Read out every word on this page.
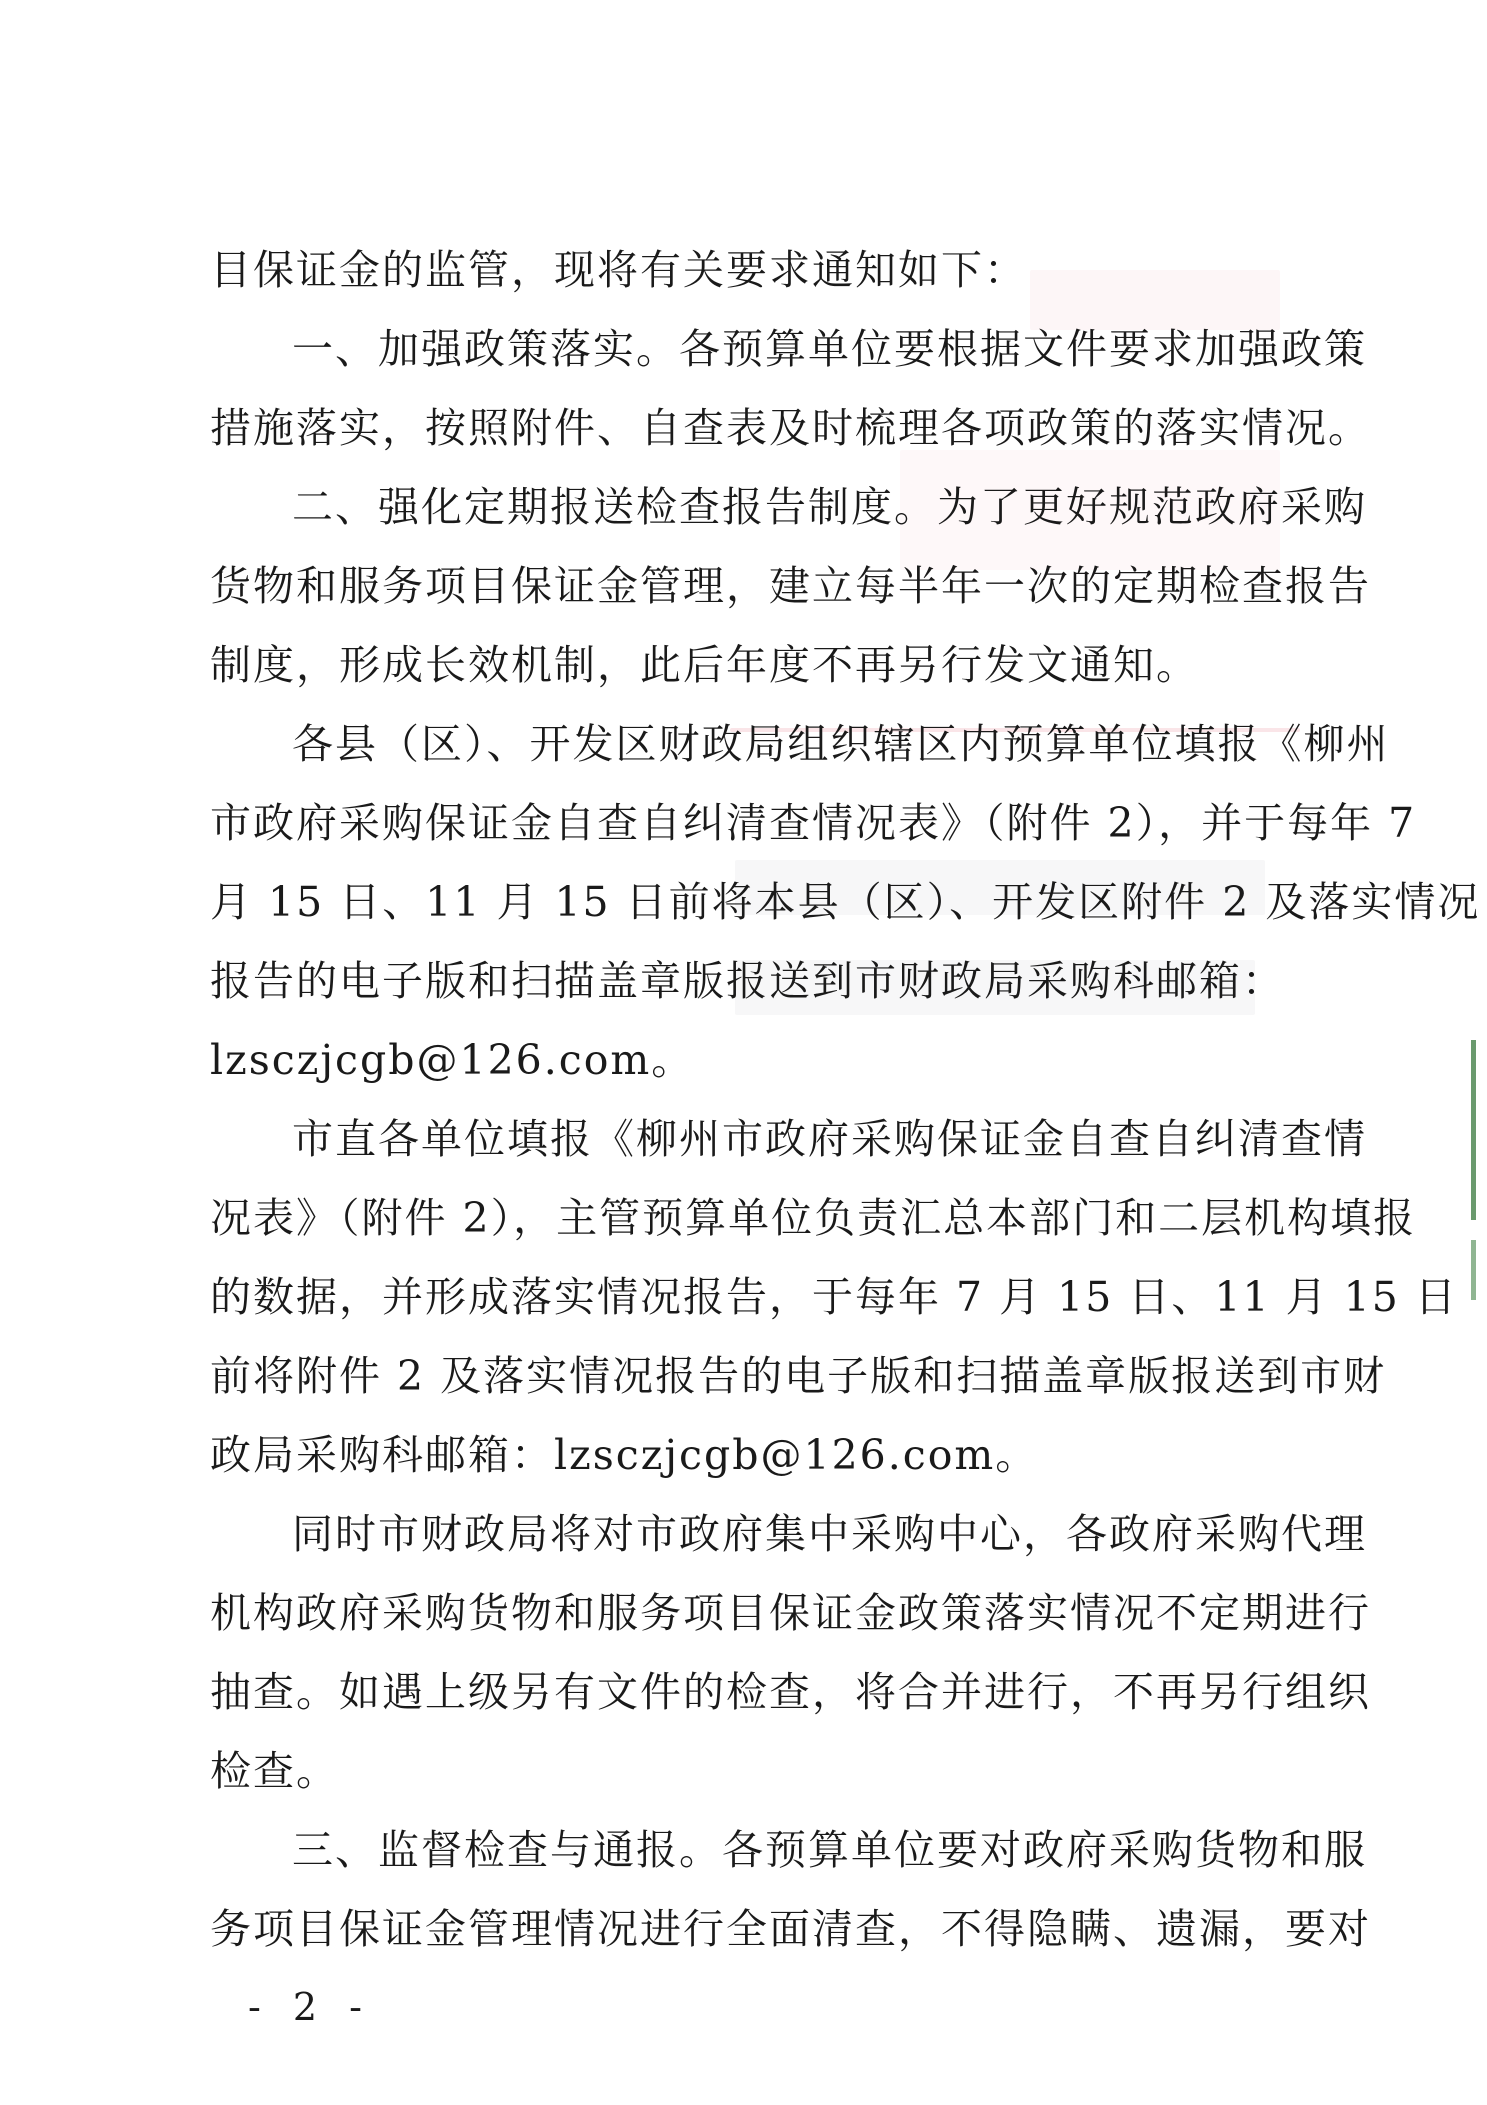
目保证金的监管，现将有关要求通知如下：
一、加强政策落实。各预算单位要根据文件要求加强政策
措施落实，按照附件、自查表及时梳理各项政策的落实情况。
二、强化定期报送检查报告制度。为了更好规范政府采购
货物和服务项目保证金管理，建立每半年一次的定期检查报告
制度，形成长效机制，此后年度不再另行发文通知。
各县（区）、开发区财政局组织辖区内预算单位填报《柳州
市政府采购保证金自查自纠清查情况表》（附件 2），并于每年 7
月 15 日、11 月 15 日前将本县（区）、开发区附件 2 及落实情况
报告的电子版和扫描盖章版报送到市财政局采购科邮箱：
lzsczjcgb@126.com。
市直各单位填报《柳州市政府采购保证金自查自纠清查情
况表》（附件 2），主管预算单位负责汇总本部门和二层机构填报
的数据，并形成落实情况报告，于每年 7 月 15 日、11 月 15 日
前将附件 2 及落实情况报告的电子版和扫描盖章版报送到市财
政局采购科邮箱：lzsczjcgb@126.com。
同时市财政局将对市政府集中采购中心，各政府采购代理
机构政府采购货物和服务项目保证金政策落实情况不定期进行
抽查。如遇上级另有文件的检查，将合并进行，不再另行组织
检查。
三、监督检查与通报。各预算单位要对政府采购货物和服
务项目保证金管理情况进行全面清查，不得隐瞒、遗漏，要对
- 2 -
